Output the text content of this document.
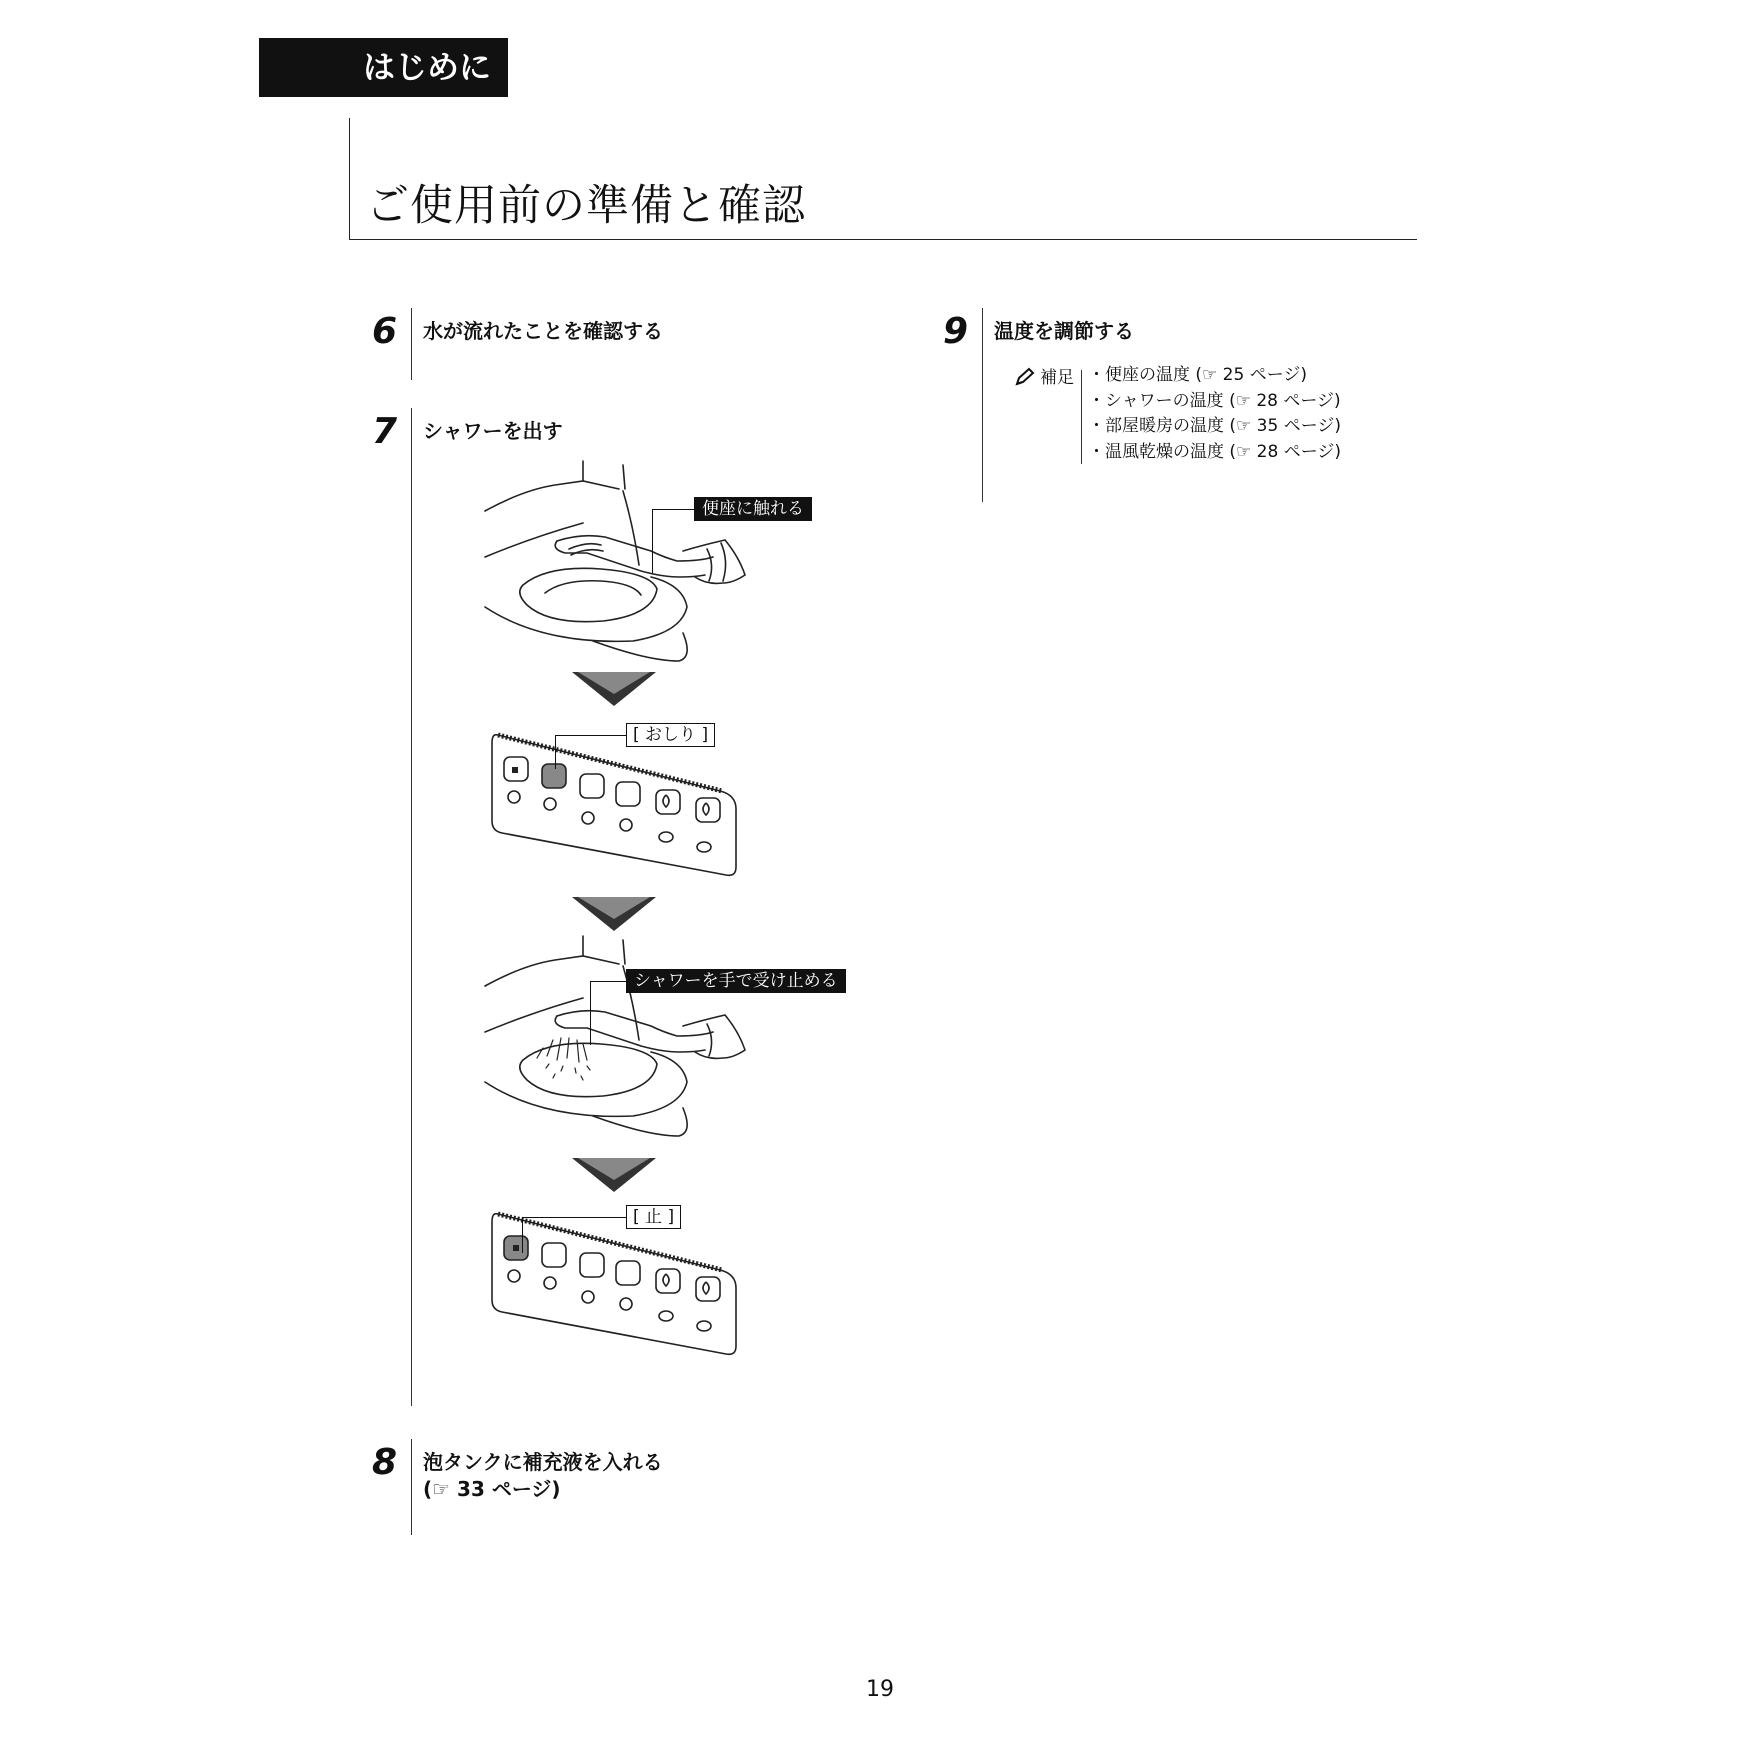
はじめに
ご使用前の準備と確認
6 水が流れたことを確認する
7 シャワーを出す
8 泡タンクに補充液を入れる
(☞ 33 ページ)
9 温度を調節する
補足 ・便座の温度 (☞ 25 ページ)
・シャワーの温度 (☞ 28 ページ)
・部屋暖房の温度 (☞ 35 ページ)
・温風乾燥の温度 (☞ 28 ページ)
便座に触れる
[ おしり ]
シャワーを手で受け止める
[ 止 ]
19
